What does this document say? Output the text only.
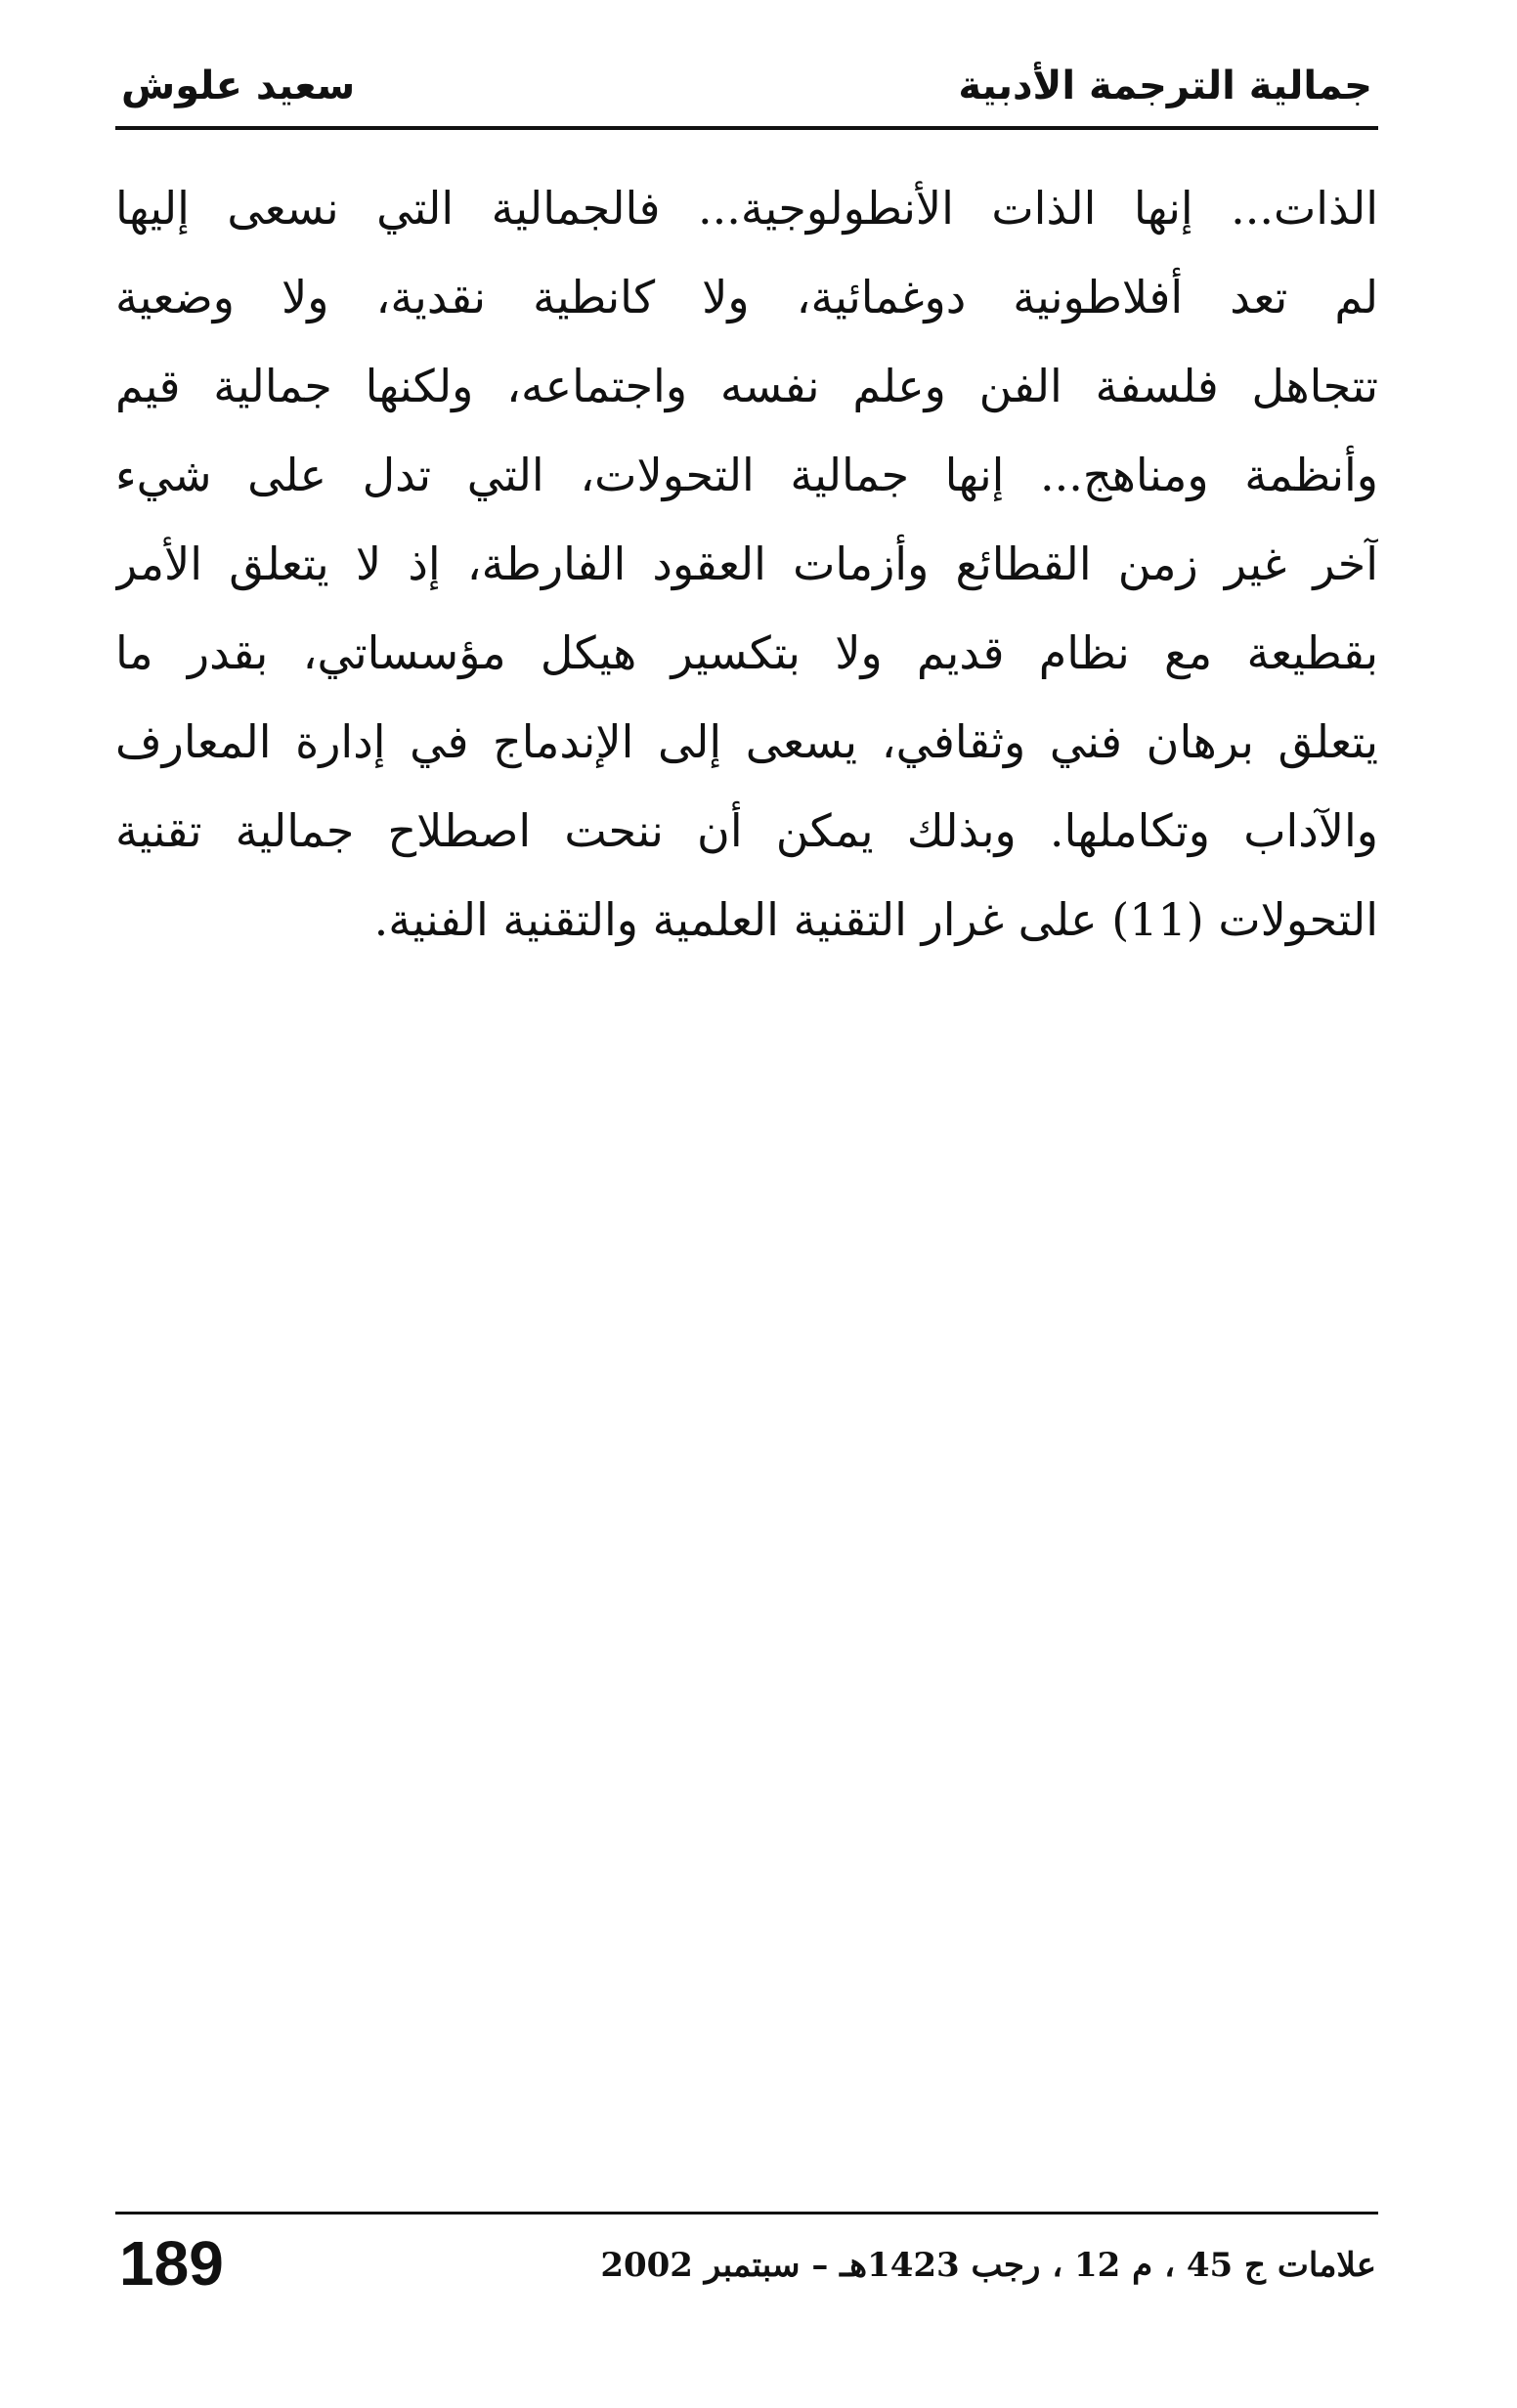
جمالية الترجمة الأدبية
سعيد علوش
الذات... إنها الذات الأنطولوجية... فالجمالية التي نسعى إليها
لم تعد أفلاطونية دوغمائية، ولا كانطية نقدية، ولا وضعية
تتجاهل فلسفة الفن وعلم نفسه واجتماعه، ولكنها جمالية قيم
وأنظمة ومناهج... إنها جمالية التحولات، التي تدل على شيء
آخر غير زمن القطائع وأزمات العقود الفارطة، إذ لا يتعلق الأمر
بقطيعة مع نظام قديم ولا بتكسير هيكل مؤسساتي، بقدر ما
يتعلق برهان فني وثقافي، يسعى إلى الإندماج في إدارة المعارف
والآداب وتكاملها. وبذلك يمكن أن ننحت اصطلاح جمالية تقنية
التحولات (11) على غرار التقنية العلمية والتقنية الفنية.
189	علامات ج 45 ، م 12 ، رجب 1423هـ – سبتمبر 2002
